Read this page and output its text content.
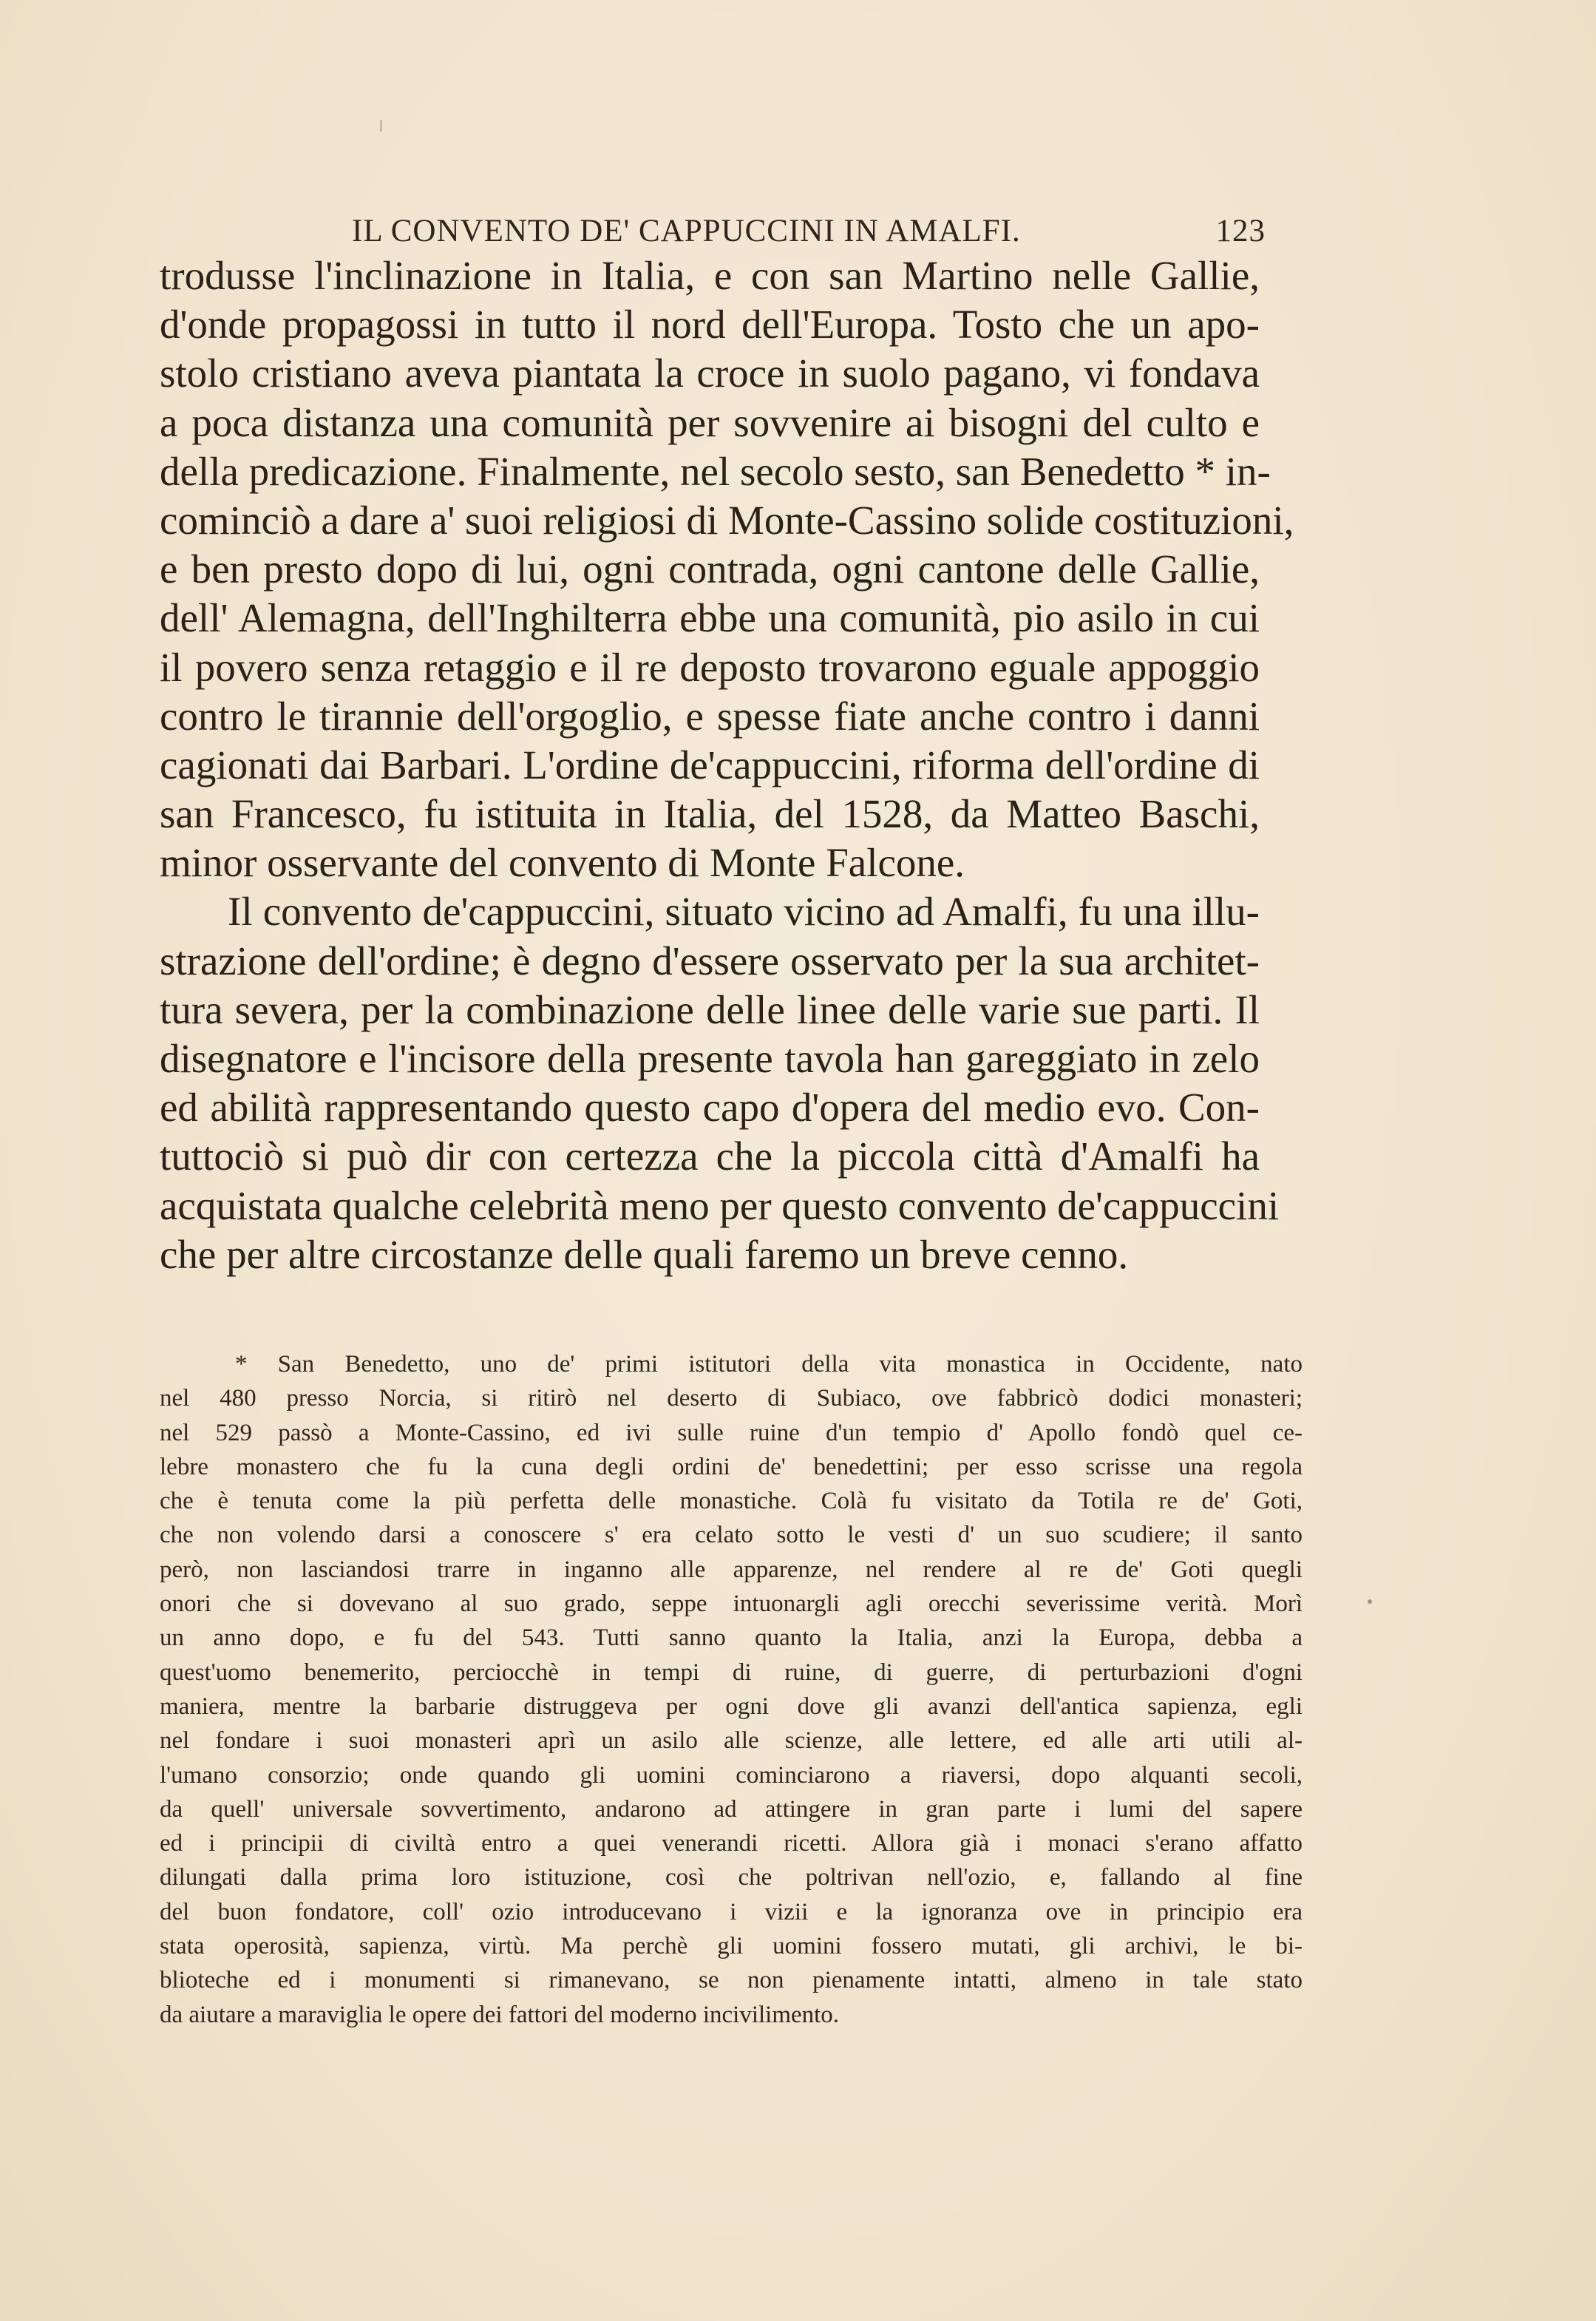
IL CONVENTO DE' CAPPUCCINI IN AMALFI.	123
trodusse l'inclinazione in Italia, e con san Martino nelle Gallie,
d'onde propagossi in tutto il nord dell'Europa. Tosto che un apo-
stolo cristiano aveva piantata la croce in suolo pagano, vi fondava
a poca distanza una comunità per sovvenire ai bisogni del culto e
della predicazione. Finalmente, nel secolo sesto, san Benedetto * in-
cominciò a dare a' suoi religiosi di Monte-Cassino solide costituzioni,
e ben presto dopo di lui, ogni contrada, ogni cantone delle Gallie,
dell' Alemagna, dell'Inghilterra ebbe una comunità, pio asilo in cui
il povero senza retaggio e il re deposto trovarono eguale appoggio
contro le tirannie dell'orgoglio, e spesse fiate anche contro i danni
cagionati dai Barbari. L'ordine de'cappuccini, riforma dell'ordine di
san Francesco, fu istituita in Italia, del 1528, da Matteo Baschi,
minor osservante del convento di Monte Falcone.
Il convento de'cappuccini, situato vicino ad Amalfi, fu una illu-
strazione dell'ordine; è degno d'essere osservato per la sua architet-
tura severa, per la combinazione delle linee delle varie sue parti. Il
disegnatore e l'incisore della presente tavola han gareggiato in zelo
ed abilità rappresentando questo capo d'opera del medio evo. Con-
tuttociò si può dir con certezza che la piccola città d'Amalfi ha
acquistata qualche celebrità meno per questo convento de'cappuccini
che per altre circostanze delle quali faremo un breve cenno.
* San Benedetto, uno de' primi istitutori della vita monastica in Occidente, nato
nel 480 presso Norcia, si ritirò nel deserto di Subiaco, ove fabbricò dodici monasteri;
nel 529 passò a Monte-Cassino, ed ivi sulle ruine d'un tempio d' Apollo fondò quel ce-
lebre monastero che fu la cuna degli ordini de' benedettini; per esso scrisse una regola
che è tenuta come la più perfetta delle monastiche. Colà fu visitato da Totila re de' Goti,
che non volendo darsi a conoscere s' era celato sotto le vesti d' un suo scudiere; il santo
però, non lasciandosi trarre in inganno alle apparenze, nel rendere al re de' Goti quegli
onori che si dovevano al suo grado, seppe intuonargli agli orecchi severissime verità. Morì
un anno dopo, e fu del 543. Tutti sanno quanto la Italia, anzi la Europa, debba a
quest'uomo benemerito, perciocchè in tempi di ruine, di guerre, di perturbazioni d'ogni
maniera, mentre la barbarie distruggeva per ogni dove gli avanzi dell'antica sapienza, egli
nel fondare i suoi monasteri aprì un asilo alle scienze, alle lettere, ed alle arti utili al-
l'umano consorzio; onde quando gli uomini cominciarono a riaversi, dopo alquanti secoli,
da quell' universale sovvertimento, andarono ad attingere in gran parte i lumi del sapere
ed i principii di civiltà entro a quei venerandi ricetti. Allora già i monaci s'erano affatto
dilungati dalla prima loro istituzione, così che poltrivan nell'ozio, e, fallando al fine
del buon fondatore, coll' ozio introducevano i vizii e la ignoranza ove in principio era
stata operosità, sapienza, virtù. Ma perchè gli uomini fossero mutati, gli archivi, le bi-
blioteche ed i monumenti si rimanevano, se non pienamente intatti, almeno in tale stato
da aiutare a maraviglia le opere dei fattori del moderno incivilimento.
